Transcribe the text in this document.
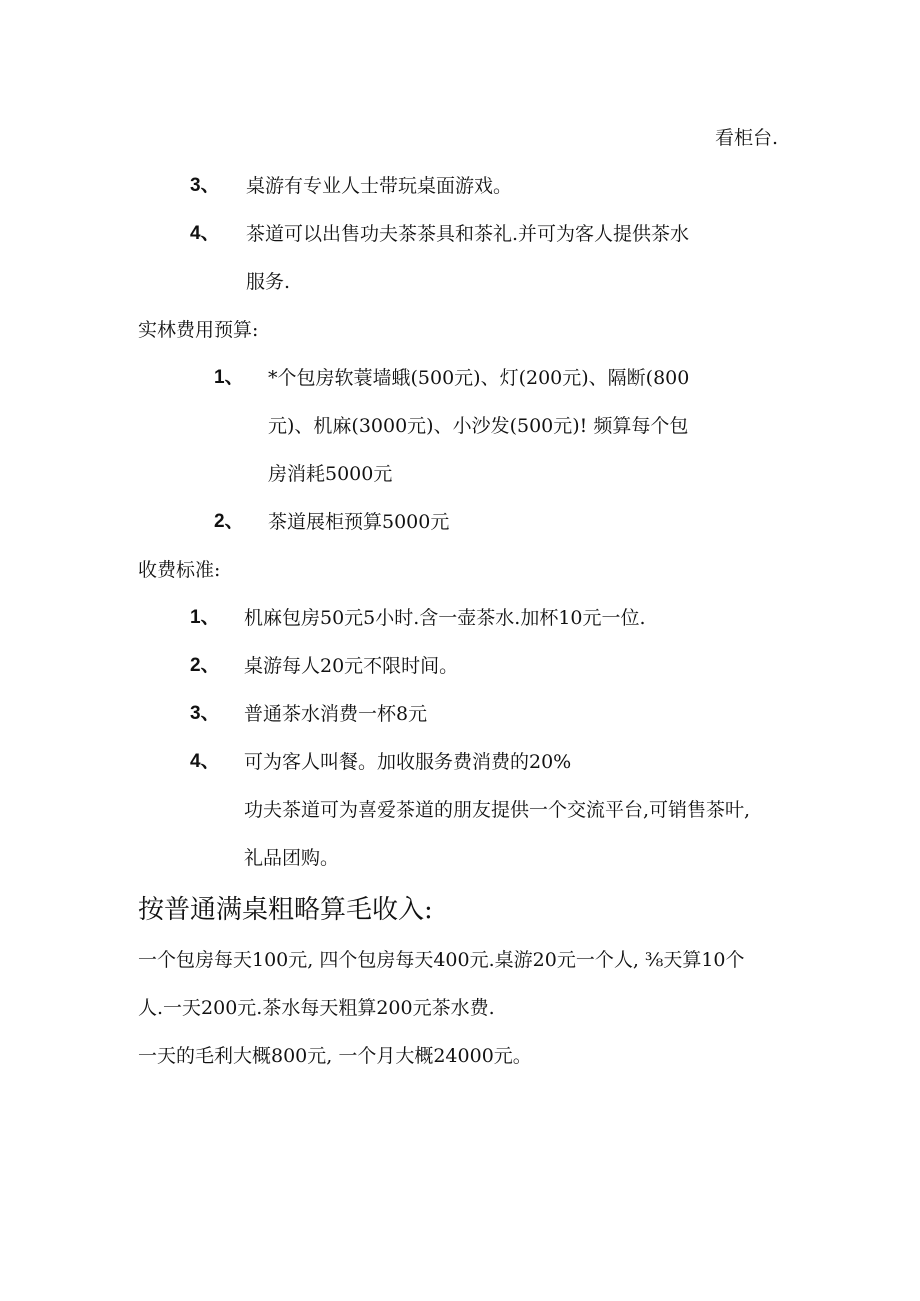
看柜台.
3、 桌游有专业人士带玩桌面游戏。
4、 茶道可以出售功夫茶茶具和茶礼.并可为客人提供茶水
服务.
实林费用预算:
1、 *个包房软蓑墙蛾(500元)、灯(200元)、隔断(800
元)、机麻(3000元)、小沙发(500元)! 频算每个包
房消耗5000元
2、 茶道展柜预算5000元
收费标准:
1、 机麻包房50元5小时.含一壶茶水.加杯10元一位.
2、 桌游每人20元不限时间。
3、 普通茶水消费一杯8元
4、 可为客人叫餐。加收服务费消费的20%
功夫茶道可为喜爱茶道的朋友提供一个交流平台,可销售茶叶,
礼品团购。
按普通满桌粗略算毛收入:
一个包房每天100元, 四个包房每天400元.桌游20元一个人, ⅜天算10个
人.一天200元.茶水每天粗算200元茶水费.
一天的毛利大概800元, 一个月大概24000元。
